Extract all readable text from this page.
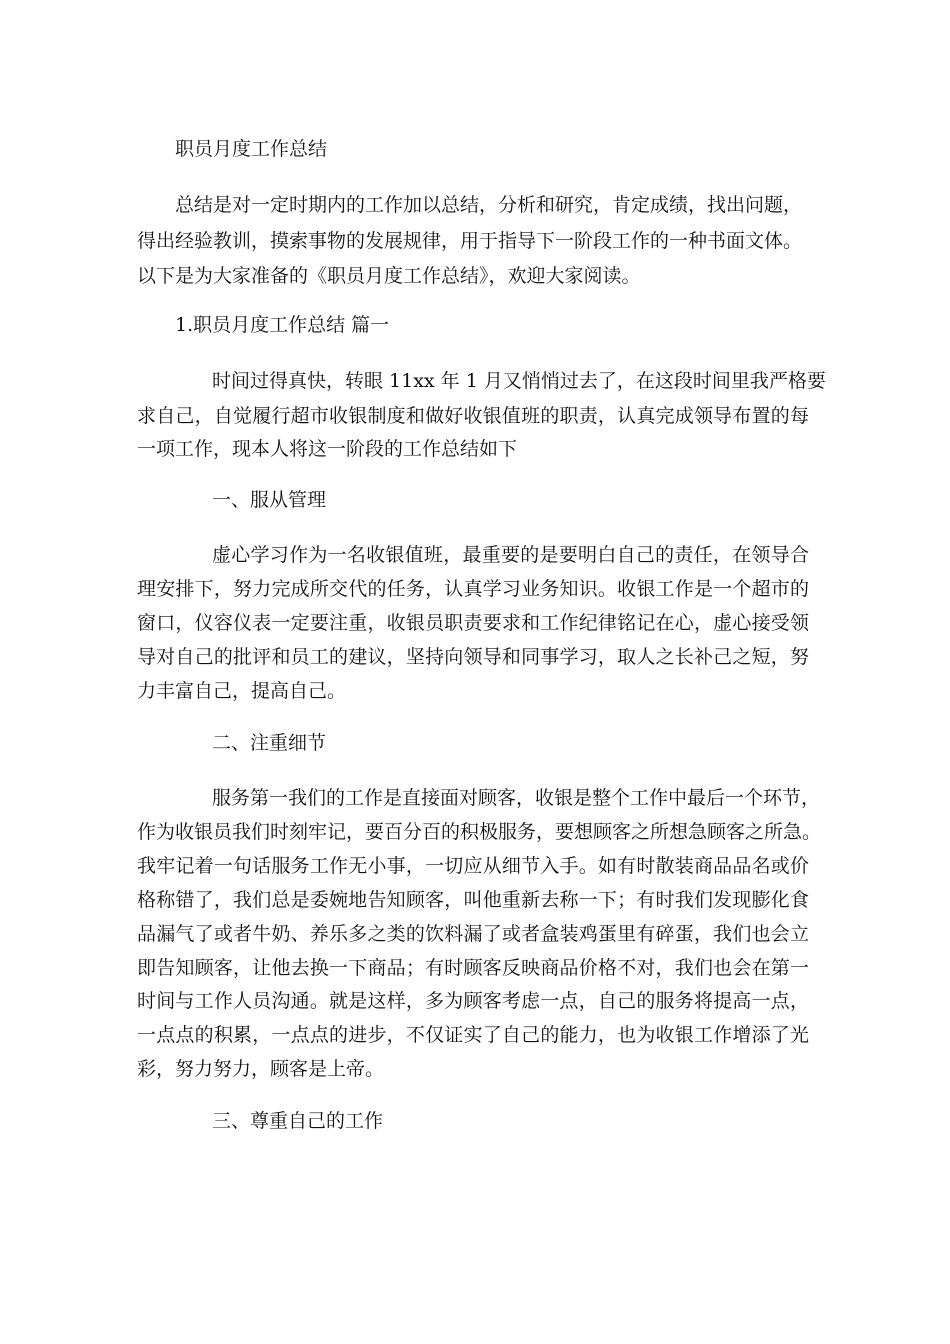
职员月度工作总结
总结是对一定时期内的工作加以总结，分析和研究，肯定成绩，找出问题，
得出经验教训，摸索事物的发展规律，用于指导下一阶段工作的一种书面文体。
以下是为大家准备的《职员月度工作总结》，欢迎大家阅读。
1.职员月度工作总结 篇一
时间过得真快，转眼 11xx 年 1 月又悄悄过去了，在这段时间里我严格要
求自己，自觉履行超市收银制度和做好收银值班的职责，认真完成领导布置的每
一项工作，现本人将这一阶段的工作总结如下
一、服从管理
虚心学习作为一名收银值班，最重要的是要明白自己的责任，在领导合
理安排下，努力完成所交代的任务，认真学习业务知识。收银工作是一个超市的
窗口，仪容仪表一定要注重，收银员职责要求和工作纪律铭记在心，虚心接受领
导对自己的批评和员工的建议，坚持向领导和同事学习，取人之长补己之短，努
力丰富自己，提高自己。
二、注重细节
服务第一我们的工作是直接面对顾客，收银是整个工作中最后一个环节，
作为收银员我们时刻牢记，要百分百的积极服务，要想顾客之所想急顾客之所急。
我牢记着一句话服务工作无小事，一切应从细节入手。如有时散装商品品名或价
格称错了，我们总是委婉地告知顾客，叫他重新去称一下；有时我们发现膨化食
品漏气了或者牛奶、养乐多之类的饮料漏了或者盒装鸡蛋里有碎蛋，我们也会立
即告知顾客，让他去换一下商品；有时顾客反映商品价格不对，我们也会在第一
时间与工作人员沟通。就是这样，多为顾客考虑一点，自己的服务将提高一点，
一点点的积累，一点点的进步，不仅证实了自己的能力，也为收银工作增添了光
彩，努力努力，顾客是上帝。
三、尊重自己的工作
